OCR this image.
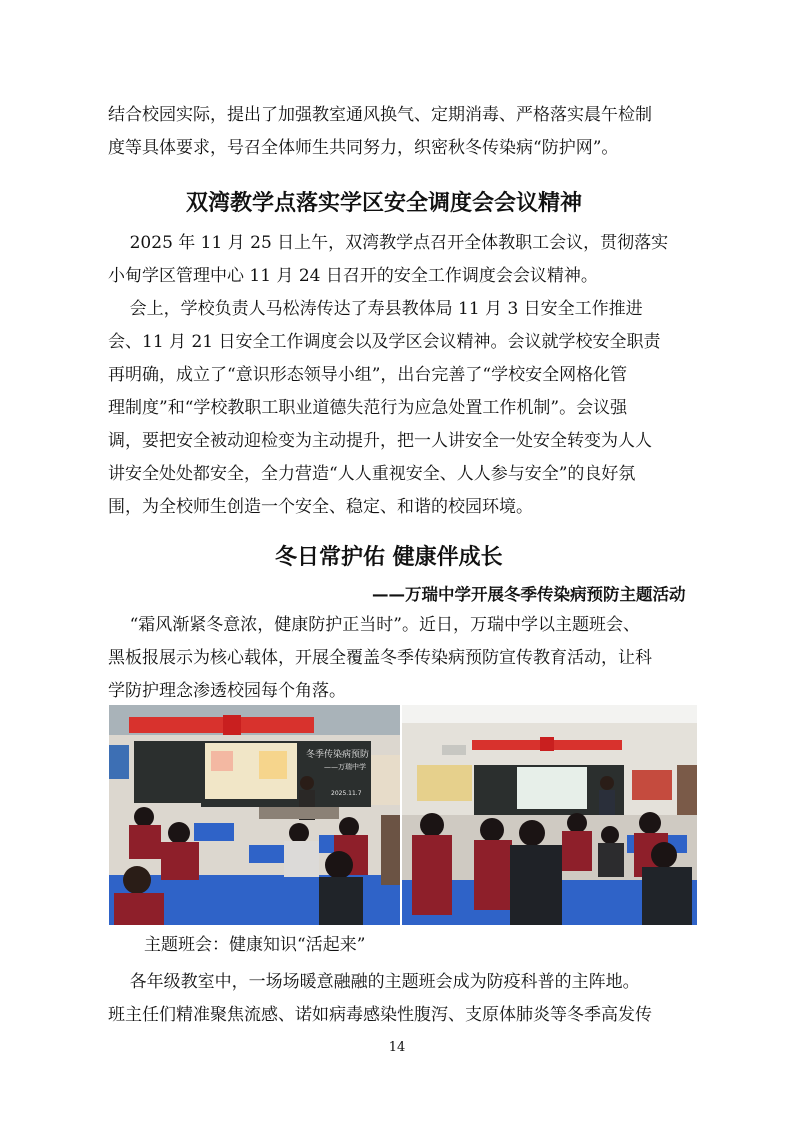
结合校园实际，提出了加强教室通风换气、定期消毒、严格落实晨午检制
度等具体要求，号召全体师生共同努力，织密秋冬传染病“防护网”。
双湾教学点落实学区安全调度会会议精神
2025 年 11 月 25 日上午，双湾教学点召开全体教职工会议，贯彻落实
小甸学区管理中心 11 月 24 日召开的安全工作调度会会议精神。
会上，学校负责人马松涛传达了寿县教体局 11 月 3 日安全工作推进
会、11 月 21 日安全工作调度会以及学区会议精神。会议就学校安全职责
再明确，成立了“意识形态领导小组”，出台完善了“学校安全网格化管
理制度”和“学校教职工职业道德失范行为应急处置工作机制”。会议强
调，要把安全被动迎检变为主动提升，把一人讲安全一处安全转变为人人
讲安全处处都安全，全力营造“人人重视安全、人人参与安全”的良好氛
围，为全校师生创造一个安全、稳定、和谐的校园环境。
冬日常护佑 健康伴成长
——万瑞中学开展冬季传染病预防主题活动
“霜风渐紧冬意浓，健康防护正当时”。近日，万瑞中学以主题班会、
黑板报展示为核心载体，开展全覆盖冬季传染病预防宣传教育活动，让科
学防护理念渗透校园每个角落。
冬季传染病预防
——万瑞中学
2025.11.7
主题班会：健康知识“活起来”
各年级教室中，一场场暖意融融的主题班会成为防疫科普的主阵地。
班主任们精准聚焦流感、诺如病毒感染性腹泻、支原体肺炎等冬季高发传
14
